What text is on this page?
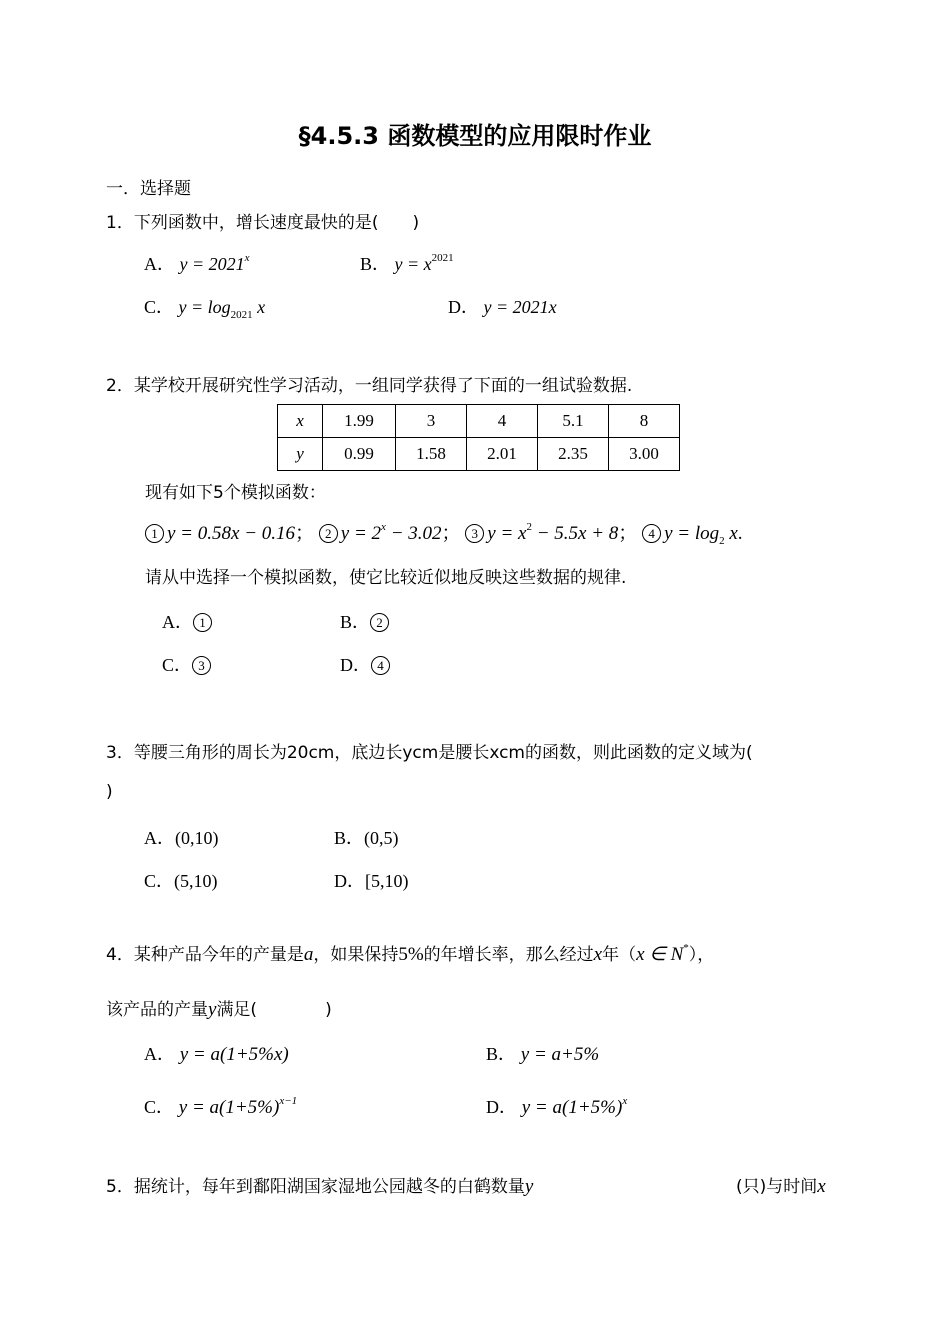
§4.5.3 函数模型的应用限时作业
一．选择题
1．下列函数中，增长速度最快的是(　　)
A． $y = 2021^x$	B． $y = x^{2021}$
C． $y = \log_{2021} x$	D． y = 2021x
2．某学校开展研究性学习活动，一组同学获得了下面的一组试验数据.
x	1.99	3	4	5.1	8
y	0.99	1.58	2.01	2.35	3.00
现有如下5个模拟函数：
1 y = 0.58x − 0.16； 2 $y = 2^x - 3.02$； 3 $y = x^2 - 5.5x + 8$； 4 $y = \log_2 x$.
请从中选择一个模拟函数，使它比较近似地反映这些数据的规律.
A． 1	B． 2
C． 3	D． 4
3．等腰三角形的周长为20cm，底边长ycm是腰长xcm的函数，则此函数的定义域为(
)
A．(0,10)	B．(0,5)
C．(5,10)	D．[5,10)
4．某种产品今年的产量是a，如果保持5%的年增长率，那么经过x年（x ∈ N*），
该产品的产量y满足(　　　　)
A． y = a(1+5%x)	B． y = a+5%
C． $y = a(1+5\%)^{x-1}$	D． $y = a(1+5\%)^x$
5．据统计，每年到鄱阳湖国家湿地公园越冬的白鹤数量y	(只)与时间x
